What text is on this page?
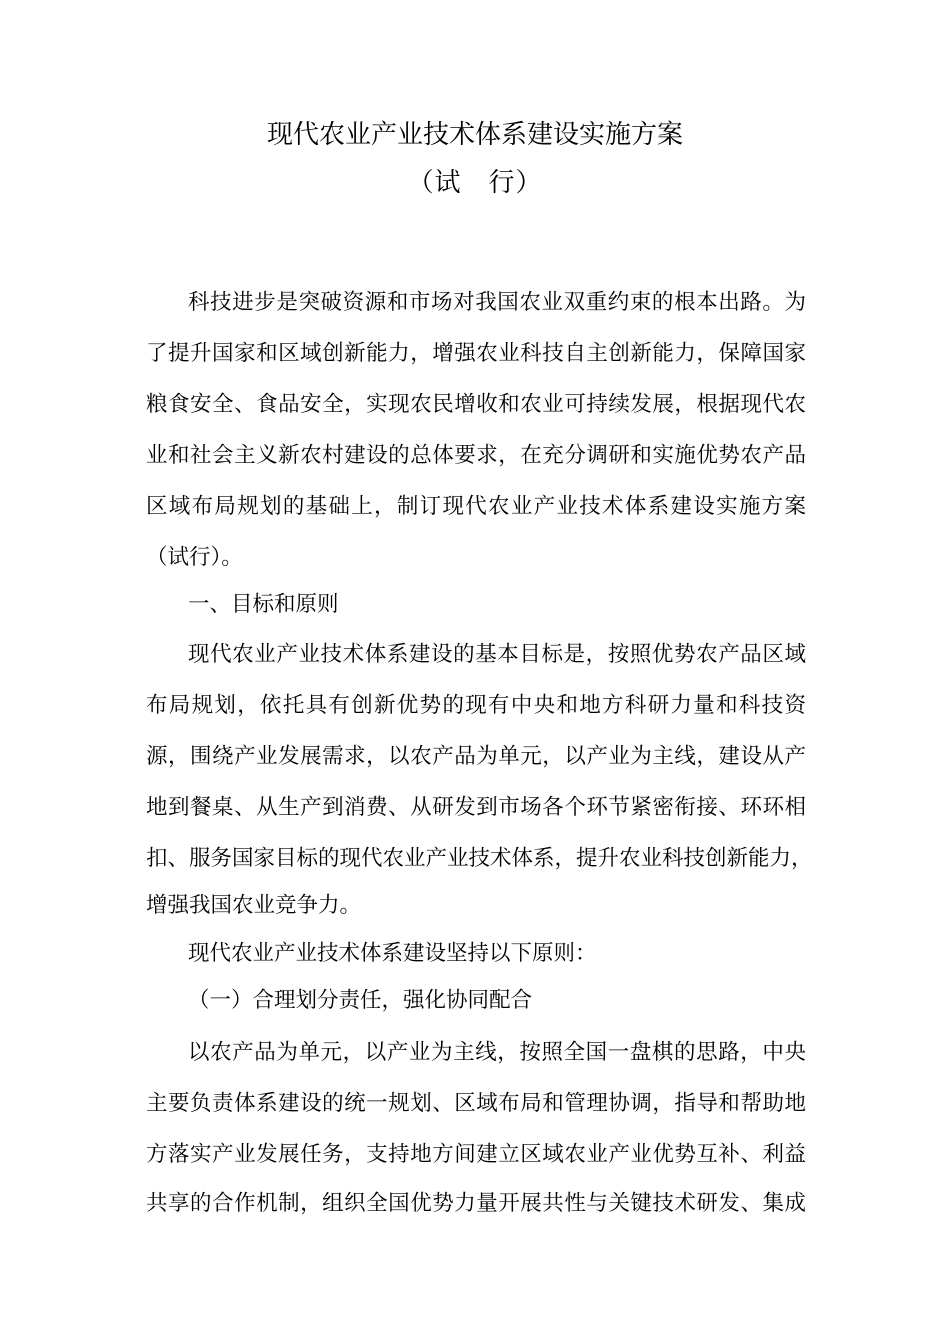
现代农业产业技术体系建设实施方案
（试　行）
科技进步是突破资源和市场对我国农业双重约束的根本出路。为
了提升国家和区域创新能力，增强农业科技自主创新能力，保障国家
粮食安全、食品安全，实现农民增收和农业可持续发展，根据现代农
业和社会主义新农村建设的总体要求，在充分调研和实施优势农产品
区域布局规划的基础上，制订现代农业产业技术体系建设实施方案
（试行）。
一、目标和原则
现代农业产业技术体系建设的基本目标是，按照优势农产品区域
布局规划，依托具有创新优势的现有中央和地方科研力量和科技资
源，围绕产业发展需求，以农产品为单元，以产业为主线，建设从产
地到餐桌、从生产到消费、从研发到市场各个环节紧密衔接、环环相
扣、服务国家目标的现代农业产业技术体系，提升农业科技创新能力，
增强我国农业竞争力。
现代农业产业技术体系建设坚持以下原则：
（一）合理划分责任，强化协同配合
以农产品为单元，以产业为主线，按照全国一盘棋的思路，中央
主要负责体系建设的统一规划、区域布局和管理协调，指导和帮助地
方落实产业发展任务，支持地方间建立区域农业产业优势互补、利益
共享的合作机制，组织全国优势力量开展共性与关键技术研发、集成
